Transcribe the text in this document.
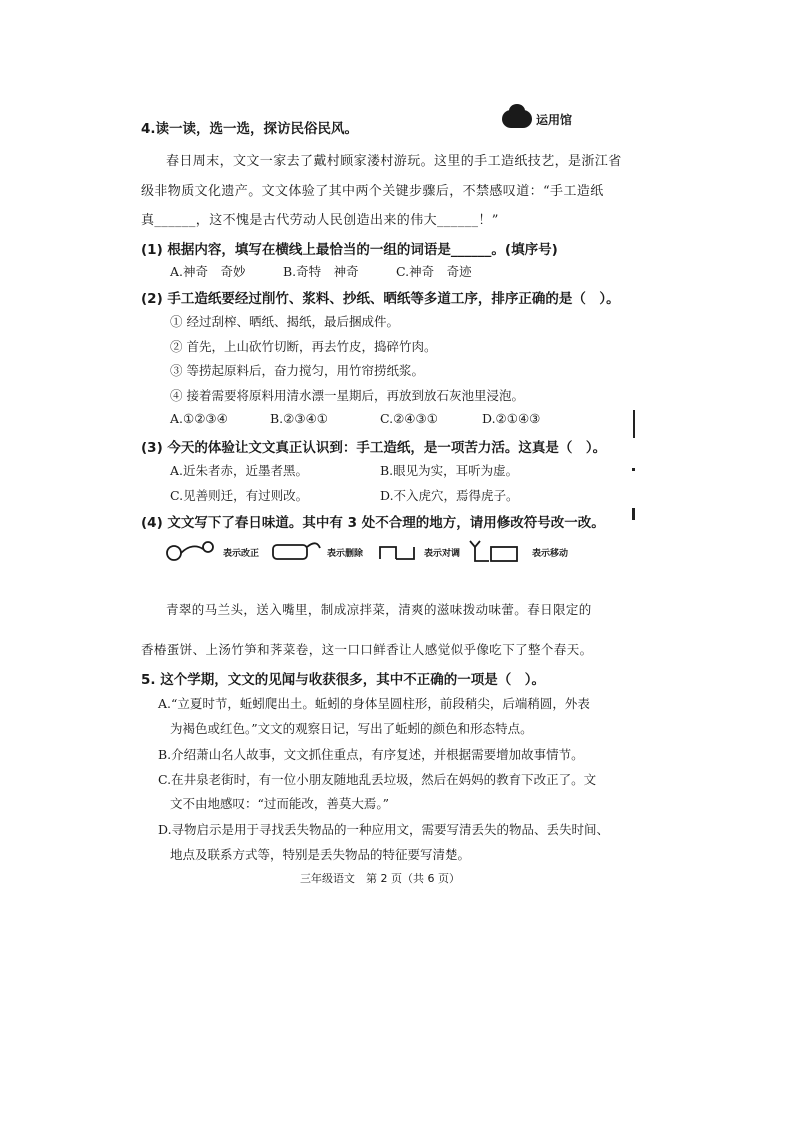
4.读一读，选一选，探访民俗民风。
运用馆
春日周末，文文一家去了戴村顾家溇村游玩。这里的手工造纸技艺，是浙江省
级非物质文化遗产。文文体验了其中两个关键步骤后，不禁感叹道：“手工造纸
真______，这不愧是古代劳动人民创造出来的伟大______！”
(1) 根据内容，填写在横线上最恰当的一组的词语是______。(填序号)
A.神奇　奇妙	B.奇特　神奇	C.神奇　奇迹
(2) 手工造纸要经过削竹、浆料、抄纸、晒纸等多道工序，排序正确的是（　）。
① 经过刮榨、晒纸、揭纸，最后捆成件。
② 首先，上山砍竹切断，再去竹皮，捣碎竹肉。
③ 等捞起原料后，奋力搅匀，用竹帘捞纸浆。
④ 接着需要将原料用清水漂一星期后，再放到放石灰池里浸泡。
A.①②③④	B.②③④①	C.②④③①	D.②①④③
(3) 今天的体验让文文真正认识到：手工造纸，是一项苦力活。这真是（　）。
A.近朱者赤，近墨者黑。	B.眼见为实，耳听为虚。
C.见善则迁，有过则改。	D.不入虎穴，焉得虎子。
(4) 文文写下了春日味道。其中有 3 处不合理的地方，请用修改符号改一改。
表示改正	表示删除	表示对调	表示移动
青翠的马兰头，送入嘴里，制成凉拌菜，清爽的滋味拨动味蕾。春日限定的
香椿蛋饼、上汤竹笋和荠菜卷，这一口口鲜香让人感觉似乎像吃下了整个春天。
5. 这个学期，文文的见闻与收获很多，其中不正确的一项是（　）。
A.“立夏时节，蚯蚓爬出土。蚯蚓的身体呈圆柱形，前段稍尖，后端稍圆，外表
为褐色或红色。”文文的观察日记，写出了蚯蚓的颜色和形态特点。
B.介绍萧山名人故事，文文抓住重点，有序复述，并根据需要增加故事情节。
C.在井泉老街时，有一位小朋友随地乱丢垃圾，然后在妈妈的教育下改正了。文
文不由地感叹：“过而能改，善莫大焉。”
D.寻物启示是用于寻找丢失物品的一种应用文，需要写清丢失的物品、丢失时间、
地点及联系方式等，特别是丢失物品的特征要写清楚。
三年级语文　第 2 页（共 6 页）
